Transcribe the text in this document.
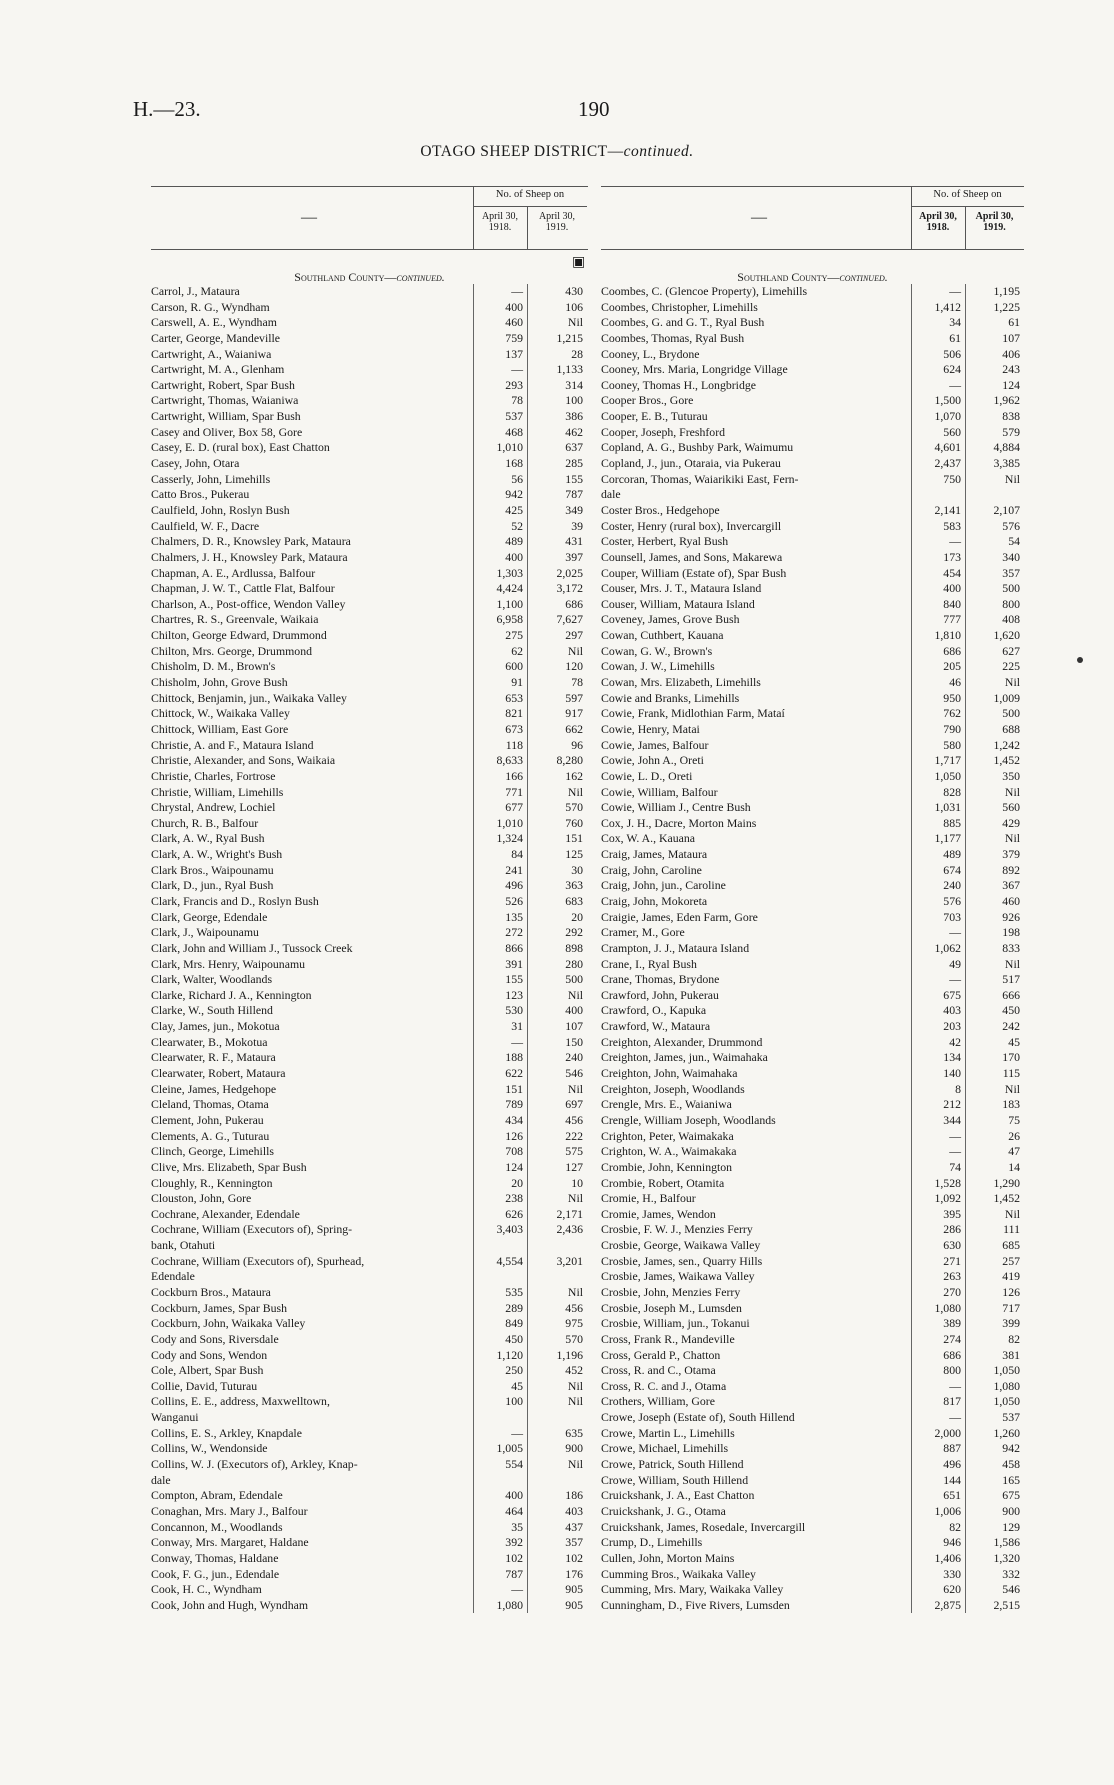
H.—23.	190
OTAGO SHEEP DISTRICT—continued.
—
No. of Sheep on
April 30,
1918.
April 30,
1919.
Southland County—continued.
Carrol, J., Mataura	—	430
Carson, R. G., Wyndham	400	106
Carswell, A. E., Wyndham	460	Nil
Carter, George, Mandeville	759	1,215
Cartwright, A., Waianiwa	137	28
Cartwright, M. A., Glenham	—	1,133
Cartwright, Robert, Spar Bush	293	314
Cartwright, Thomas, Waianiwa	78	100
Cartwright, William, Spar Bush	537	386
Casey and Oliver, Box 58, Gore	468	462
Casey, E. D. (rural box), East Chatton	1,010	637
Casey, John, Otara	168	285
Casserly, John, Limehills	56	155
Catto Bros., Pukerau	942	787
Caulfield, John, Roslyn Bush	425	349
Caulfield, W. F., Dacre	52	39
Chalmers, D. R., Knowsley Park, Mataura	489	431
Chalmers, J. H., Knowsley Park, Mataura	400	397
Chapman, A. E., Ardlussa, Balfour	1,303	2,025
Chapman, J. W. T., Cattle Flat, Balfour	4,424	3,172
Charlson, A., Post-office, Wendon Valley	1,100	686
Chartres, R. S., Greenvale, Waikaia	6,958	7,627
Chilton, George Edward, Drummond	275	297
Chilton, Mrs. George, Drummond	62	Nil
Chisholm, D. M., Brown's	600	120
Chisholm, John, Grove Bush	91	78
Chittock, Benjamin, jun., Waikaka Valley	653	597
Chittock, W., Waikaka Valley	821	917
Chittock, William, East Gore	673	662
Christie, A. and F., Mataura Island	118	96
Christie, Alexander, and Sons, Waikaia	8,633	8,280
Christie, Charles, Fortrose	166	162
Christie, William, Limehills	771	Nil
Chrystal, Andrew, Lochiel	677	570
Church, R. B., Balfour	1,010	760
Clark, A. W., Ryal Bush	1,324	151
Clark, A. W., Wright's Bush	84	125
Clark Bros., Waipounamu	241	30
Clark, D., jun., Ryal Bush	496	363
Clark, Francis and D., Roslyn Bush	526	683
Clark, George, Edendale	135	20
Clark, J., Waipounamu	272	292
Clark, John and William J., Tussock Creek	866	898
Clark, Mrs. Henry, Waipounamu	391	280
Clark, Walter, Woodlands	155	500
Clarke, Richard J. A., Kennington	123	Nil
Clarke, W., South Hillend	530	400
Clay, James, jun., Mokotua	31	107
Clearwater, B., Mokotua	—	150
Clearwater, R. F., Mataura	188	240
Clearwater, Robert, Mataura	622	546
Cleine, James, Hedgehope	151	Nil
Cleland, Thomas, Otama	789	697
Clement, John, Pukerau	434	456
Clements, A. G., Tuturau	126	222
Clinch, George, Limehills	708	575
Clive, Mrs. Elizabeth, Spar Bush	124	127
Cloughly, R., Kennington	20	10
Clouston, John, Gore	238	Nil
Cochrane, Alexander, Edendale	626	2,171
Cochrane, William (Executors of), Spring-	3,403	2,436
bank, Otahuti
Cochrane, William (Executors of), Spurhead,	4,554	3,201
Edendale
Cockburn Bros., Mataura	535	Nil
Cockburn, James, Spar Bush	289	456
Cockburn, John, Waikaka Valley	849	975
Cody and Sons, Riversdale	450	570
Cody and Sons, Wendon	1,120	1,196
Cole, Albert, Spar Bush	250	452
Collie, David, Tuturau	45	Nil
Collins, E. E., address, Maxwelltown,	100	Nil
Wanganui
Collins, E. S., Arkley, Knapdale	—	635
Collins, W., Wendonside	1,005	900
Collins, W. J. (Executors of), Arkley, Knap-	554	Nil
dale
Compton, Abram, Edendale	400	186
Conaghan, Mrs. Mary J., Balfour	464	403
Concannon, M., Woodlands	35	437
Conway, Mrs. Margaret, Haldane	392	357
Conway, Thomas, Haldane	102	102
Cook, F. G., jun., Edendale	787	176
Cook, H. C., Wyndham	—	905
Cook, John and Hugh, Wyndham	1,080	905
▣
—
No. of Sheep on
April 30,
1918.
April 30,
1919.
Southland County—continued.
Coombes, C. (Glencoe Property), Limehills	—	1,195
Coombes, Christopher, Limehills	1,412	1,225
Coombes, G. and G. T., Ryal Bush	34	61
Coombes, Thomas, Ryal Bush	61	107
Cooney, L., Brydone	506	406
Cooney, Mrs. Maria, Longridge Village	624	243
Cooney, Thomas H., Longbridge	—	124
Cooper Bros., Gore	1,500	1,962
Cooper, E. B., Tuturau	1,070	838
Cooper, Joseph, Freshford	560	579
Copland, A. G., Bushby Park, Waimumu	4,601	4,884
Copland, J., jun., Otaraia, via Pukerau	2,437	3,385
Corcoran, Thomas, Waiarikiki East, Fern-	750	Nil
dale
Coster Bros., Hedgehope	2,141	2,107
Coster, Henry (rural box), Invercargill	583	576
Coster, Herbert, Ryal Bush	—	54
Counsell, James, and Sons, Makarewa	173	340
Couper, William (Estate of), Spar Bush	454	357
Couser, Mrs. J. T., Mataura Island	400	500
Couser, William, Mataura Island	840	800
Coveney, James, Grove Bush	777	408
Cowan, Cuthbert, Kauana	1,810	1,620
Cowan, G. W., Brown's	686	627
Cowan, J. W., Limehills	205	225
Cowan, Mrs. Elizabeth, Limehills	46	Nil
Cowie and Branks, Limehills	950	1,009
Cowie, Frank, Midlothian Farm, Mataí	762	500
Cowie, Henry, Matai	790	688
Cowie, James, Balfour	580	1,242
Cowie, John A., Oreti	1,717	1,452
Cowie, L. D., Oreti	1,050	350
Cowie, William, Balfour	828	Nil
Cowie, William J., Centre Bush	1,031	560
Cox, J. H., Dacre, Morton Mains	885	429
Cox, W. A., Kauana	1,177	Nil
Craig, James, Mataura	489	379
Craig, John, Caroline	674	892
Craig, John, jun., Caroline	240	367
Craig, John, Mokoreta	576	460
Craigie, James, Eden Farm, Gore	703	926
Cramer, M., Gore	—	198
Crampton, J. J., Mataura Island	1,062	833
Crane, I., Ryal Bush	49	Nil
Crane, Thomas, Brydone	—	517
Crawford, John, Pukerau	675	666
Crawford, O., Kapuka	403	450
Crawford, W., Mataura	203	242
Creighton, Alexander, Drummond	42	45
Creighton, James, jun., Waimahaka	134	170
Creighton, John, Waimahaka	140	115
Creighton, Joseph, Woodlands	8	Nil
Crengle, Mrs. E., Waianiwa	212	183
Crengle, William Joseph, Woodlands	344	75
Crighton, Peter, Waimakaka	—	26
Crighton, W. A., Waimakaka	—	47
Crombie, John, Kennington	74	14
Crombie, Robert, Otamita	1,528	1,290
Cromie, H., Balfour	1,092	1,452
Cromie, James, Wendon	395	Nil
Crosbie, F. W. J., Menzies Ferry	286	111
Crosbie, George, Waikawa Valley	630	685
Crosbie, James, sen., Quarry Hills	271	257
Crosbie, James, Waikawa Valley	263	419
Crosbie, John, Menzies Ferry	270	126
Crosbie, Joseph M., Lumsden	1,080	717
Crosbie, William, jun., Tokanui	389	399
Cross, Frank R., Mandeville	274	82
Cross, Gerald P., Chatton	686	381
Cross, R. and C., Otama	800	1,050
Cross, R. C. and J., Otama	—	1,080
Crothers, William, Gore	817	1,050
Crowe, Joseph (Estate of), South Hillend	—	537
Crowe, Martin L., Limehills	2,000	1,260
Crowe, Michael, Limehills	887	942
Crowe, Patrick, South Hillend	496	458
Crowe, William, South Hillend	144	165
Cruickshank, J. A., East Chatton	651	675
Cruickshank, J. G., Otama	1,006	900
Cruickshank, James, Rosedale, Invercargill	82	129
Crump, D., Limehills	946	1,586
Cullen, John, Morton Mains	1,406	1,320
Cumming Bros., Waikaka Valley	330	332
Cumming, Mrs. Mary, Waikaka Valley	620	546
Cunningham, D., Five Rivers, Lumsden	2,875	2,515
